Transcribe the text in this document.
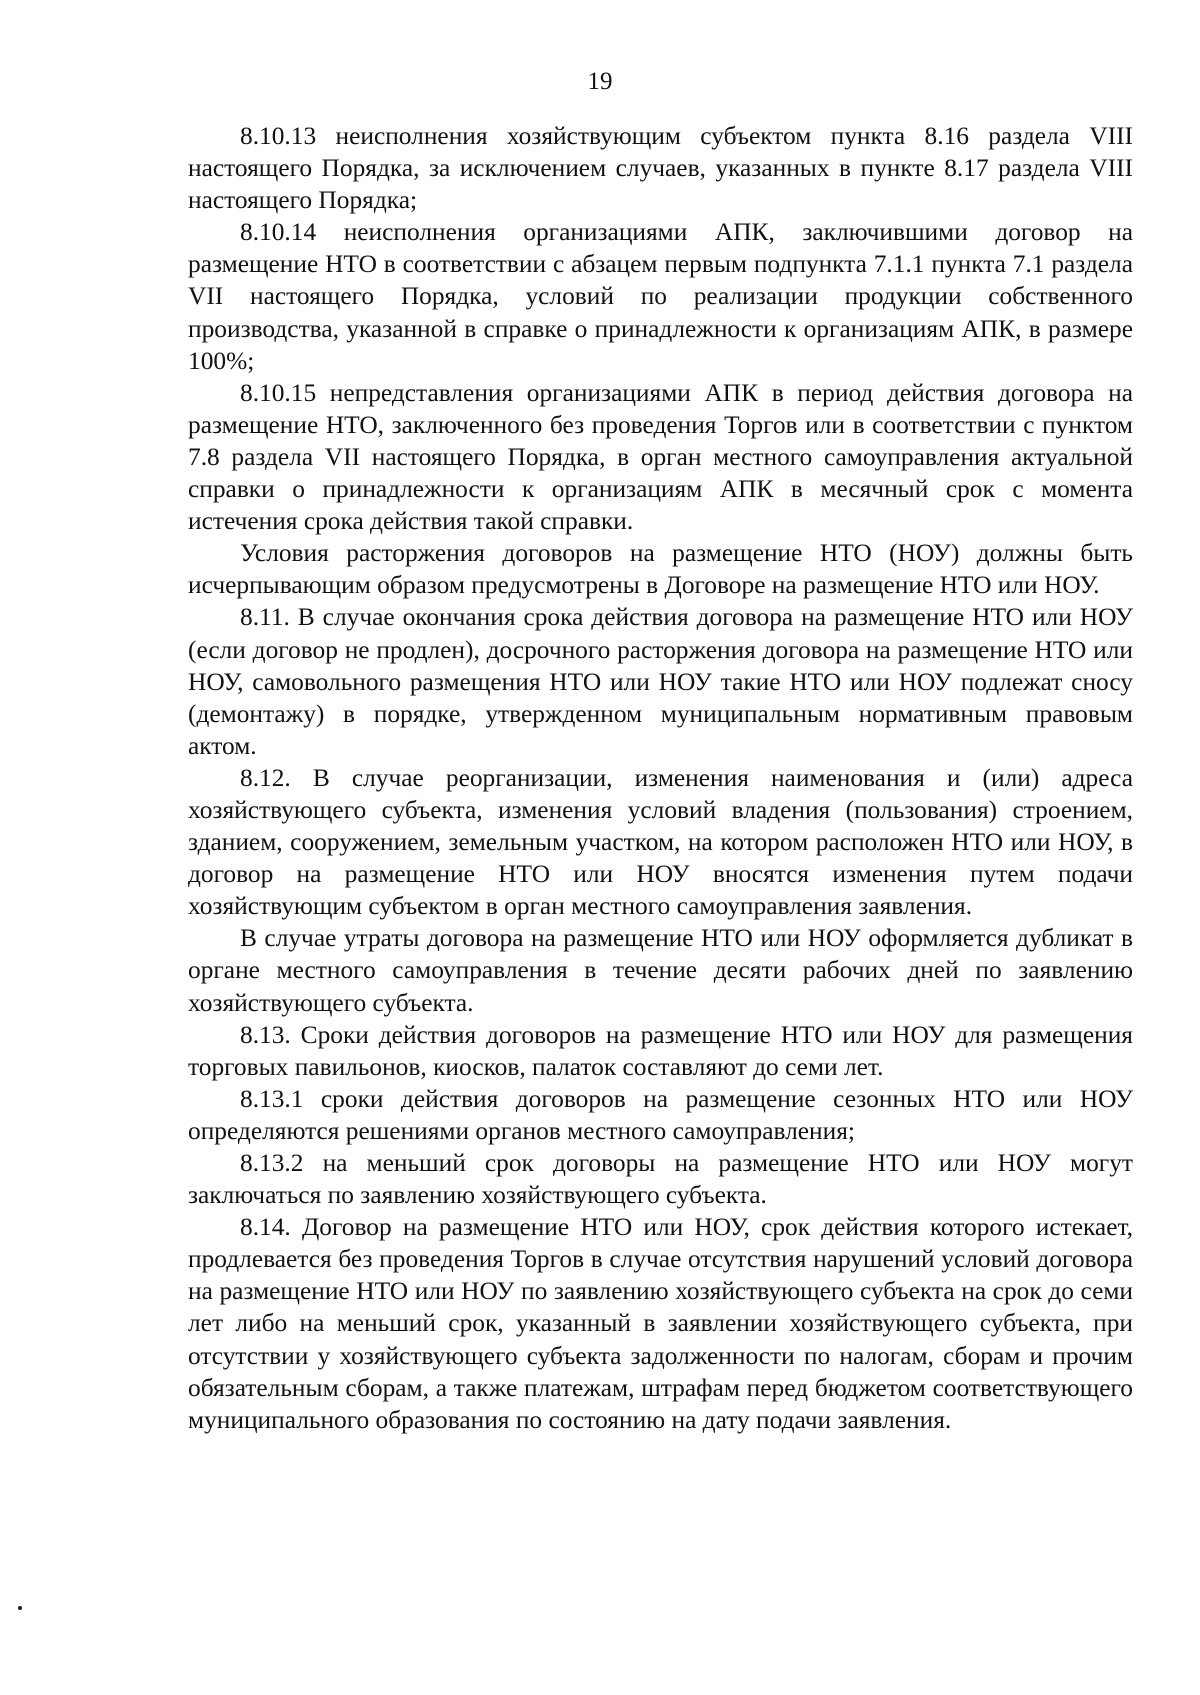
19

8.10.13 неисполнения хозяйствующим субъектом пункта 8.16 раздела VIII настоящего Порядка, за исключением случаев, указанных в пункте 8.17 раздела VIII настоящего Порядка;

8.10.14 неисполнения организациями АПК, заключившими договор на размещение НТО в соответствии с абзацем первым подпункта 7.1.1 пункта 7.1 раздела VII настоящего Порядка, условий по реализации продукции собственного производства, указанной в справке о принадлежности к организациям АПК, в размере 100%;

8.10.15 непредставления организациями АПК в период действия договора на размещение НТО, заключенного без проведения Торгов или в соответствии с пунктом 7.8 раздела VII настоящего Порядка, в орган местного самоуправления актуальной справки о принадлежности к организациям АПК в месячный срок с момента истечения срока действия такой справки.

Условия расторжения договоров на размещение НТО (НОУ) должны быть исчерпывающим образом предусмотрены в Договоре на размещение НТО или НОУ.

8.11. В случае окончания срока действия договора на размещение НТО или НОУ (если договор не продлен), досрочного расторжения договора на размещение НТО или НОУ, самовольного размещения НТО или НОУ такие НТО или НОУ подлежат сносу (демонтажу) в порядке, утвержденном муниципальным нормативным правовым актом.

8.12. В случае реорганизации, изменения наименования и (или) адреса хозяйствующего субъекта, изменения условий владения (пользования) строением, зданием, сооружением, земельным участком, на котором расположен НТО или НОУ, в договор на размещение НТО или НОУ вносятся изменения путем подачи хозяйствующим субъектом в орган местного самоуправления заявления.

В случае утраты договора на размещение НТО или НОУ оформляется дубликат в органе местного самоуправления в течение десяти рабочих дней по заявлению хозяйствующего субъекта.

8.13. Сроки действия договоров на размещение НТО или НОУ для размещения торговых павильонов, киосков, палаток составляют до семи лет.

8.13.1 сроки действия договоров на размещение сезонных НТО или НОУ определяются решениями органов местного самоуправления;

8.13.2 на меньший срок договоры на размещение НТО или НОУ могут заключаться по заявлению хозяйствующего субъекта.

8.14. Договор на размещение НТО или НОУ, срок действия которого истекает, продлевается без проведения Торгов в случае отсутствия нарушений условий договора на размещение НТО или НОУ по заявлению хозяйствующего субъекта на срок до семи лет либо на меньший срок, указанный в заявлении хозяйствующего субъекта, при отсутствии у хозяйствующего субъекта задолженности по налогам, сборам и прочим обязательным сборам, а также платежам, штрафам перед бюджетом соответствующего муниципального образования по состоянию на дату подачи заявления.
